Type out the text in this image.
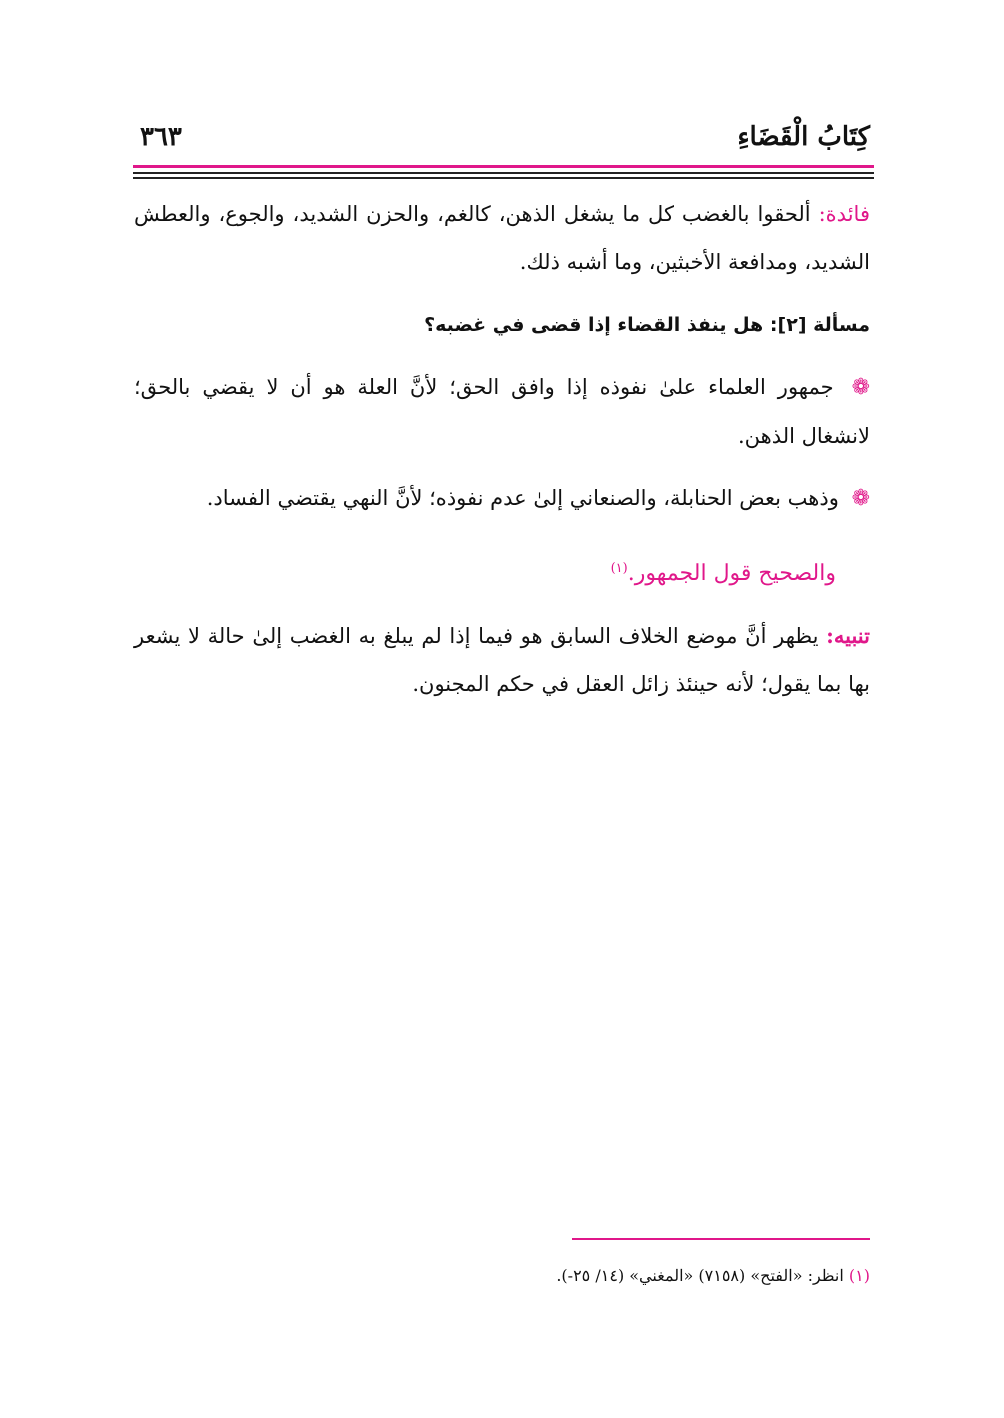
كِتَابُ الْقَضَاءِ
٣٦٣

فائدة: ألحقوا بالغضب كل ما يشغل الذهن، كالغم، والحزن الشديد، والجوع، والعطش الشديد، ومدافعة الأخبثين، وما أشبه ذلك.

مسألة [٢]: هل ينفذ القضاء إذا قضى في غضبه؟

❁ جمهور العلماء علىٰ نفوذه إذا وافق الحق؛ لأنَّ العلة هو أن لا يقضي بالحق؛ لانشغال الذهن.

❁ وذهب بعض الحنابلة، والصنعاني إلىٰ عدم نفوذه؛ لأنَّ النهي يقتضي الفساد.

والصحيح قول الجمهور.$^{(١)}$

تنبيه: يظهر أنَّ موضع الخلاف السابق هو فيما إذا لم يبلغ به الغضب إلىٰ حالة لا يشعر بها بما يقول؛ لأنه حينئذ زائل العقل في حكم المجنون.

(١) انظر: «الفتح» (٧١٥٨) «المغني» (١٤/ ٢٥-).
